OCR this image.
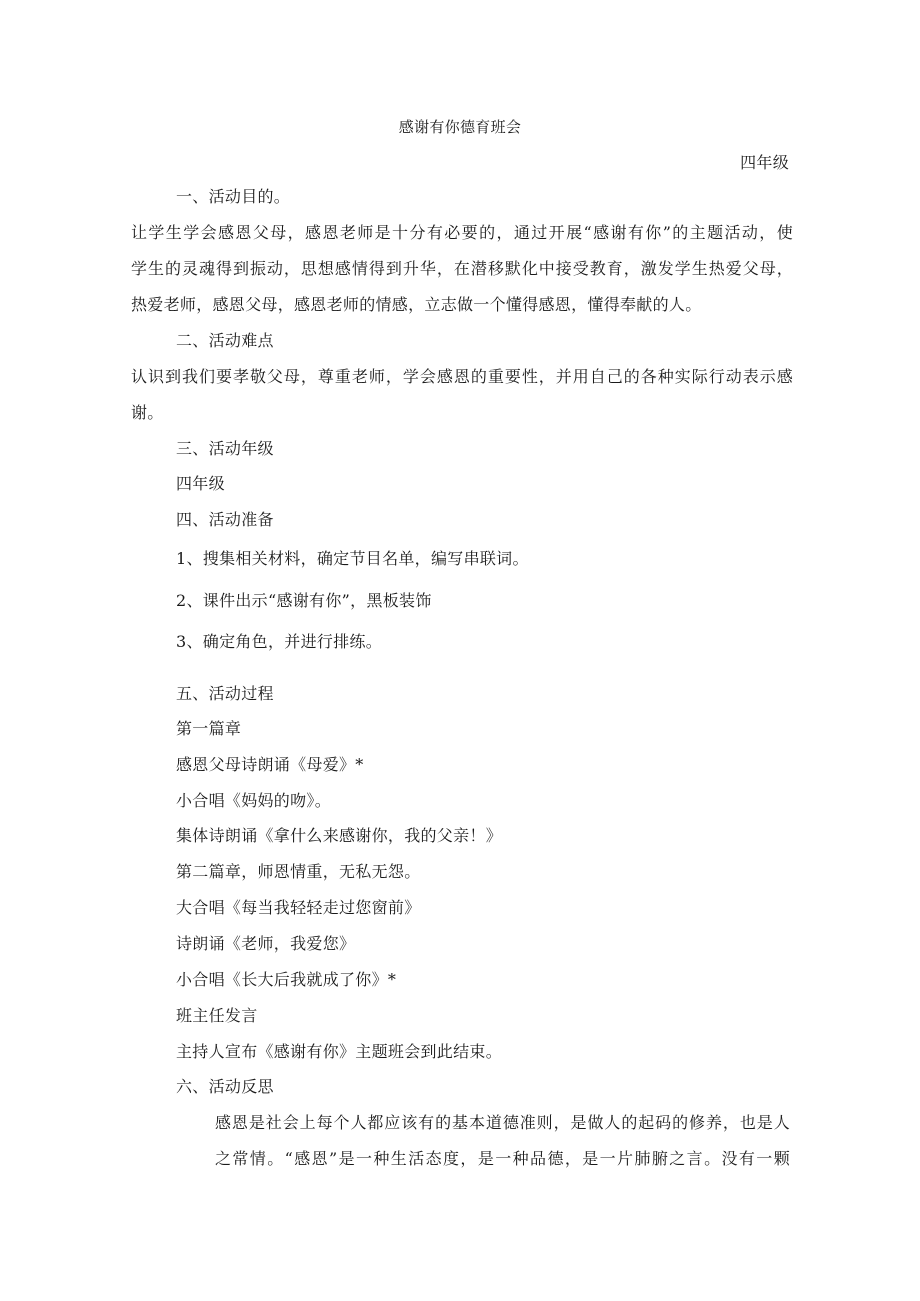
感谢有你德育班会
四年级
一、活动目的。
让学生学会感恩父母，感恩老师是十分有必要的，通过开展“感谢有你”的主题活动，使
学生的灵魂得到振动，思想感情得到升华，在潜移默化中接受教育，激发学生热爱父母，
热爱老师，感恩父母，感恩老师的情感，立志做一个懂得感恩，懂得奉献的人。
二、活动难点
认识到我们要孝敬父母，尊重老师，学会感恩的重要性，并用自己的各种实际行动表示感
谢。
三、活动年级
四年级
四、活动准备
1、搜集相关材料，确定节目名单，编写串联词。
2、课件出示“感谢有你”，黑板装饰
3、确定角色，并进行排练。
五、活动过程
第一篇章
感恩父母诗朗诵《母爱》*
小合唱《妈妈的吻》。
集体诗朗诵《拿什么来感谢你，我的父亲！》
第二篇章，师恩情重，无私无怨。
大合唱《每当我轻轻走过您窗前》
诗朗诵《老师，我爱您》
小合唱《长大后我就成了你》*
班主任发言
主持人宣布《感谢有你》主题班会到此结束。
六、活动反思
感恩是社会上每个人都应该有的基本道德准则，是做人的起码的修养，也是人
之常情。“感恩”是一种生活态度，是一种品德，是一片肺腑之言。没有一颗
